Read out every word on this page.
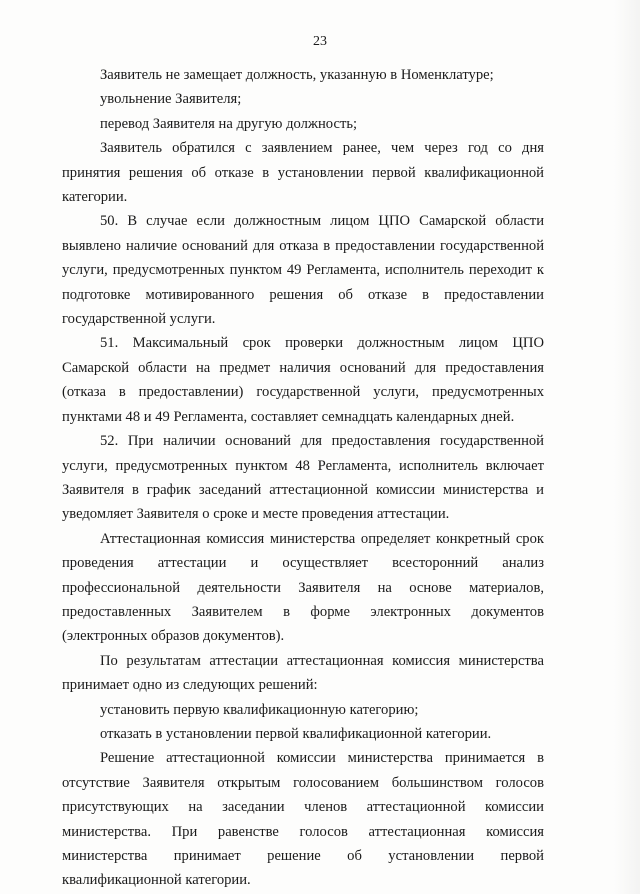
23

Заявитель не замещает должность, указанную в Номенклатуре;

увольнение Заявителя;

перевод Заявителя на другую должность;

Заявитель обратился с заявлением ранее, чем через год со дня принятия решения об отказе в установлении первой квалификационной категории.

50. В случае если должностным лицом ЦПО Самарской области выявлено наличие оснований для отказа в предоставлении государственной услуги, предусмотренных пунктом 49 Регламента, исполнитель переходит к подготовке мотивированного решения об отказе в предоставлении государственной услуги.

51. Максимальный срок проверки должностным лицом ЦПО Самарской области на предмет наличия оснований для предоставления (отказа в предоставлении) государственной услуги, предусмотренных пунктами 48 и 49 Регламента, составляет семнадцать календарных дней.

52. При наличии оснований для предоставления государственной услуги, предусмотренных пунктом 48 Регламента, исполнитель включает Заявителя в график заседаний аттестационной комиссии министерства и уведомляет Заявителя о сроке и месте проведения аттестации.

Аттестационная комиссия министерства определяет конкретный срок проведения аттестации и осуществляет всесторонний анализ профессиональной деятельности Заявителя на основе материалов, предоставленных Заявителем в форме электронных документов (электронных образов документов).

По результатам аттестации аттестационная комиссия министерства принимает одно из следующих решений:

установить первую квалификационную категорию;

отказать в установлении первой квалификационной категории.

Решение аттестационной комиссии министерства принимается в отсутствие Заявителя открытым голосованием большинством голосов присутствующих на заседании членов аттестационной комиссии министерства. При равенстве голосов аттестационная комиссия министерства принимает решение об установлении первой квалификационной категории.
